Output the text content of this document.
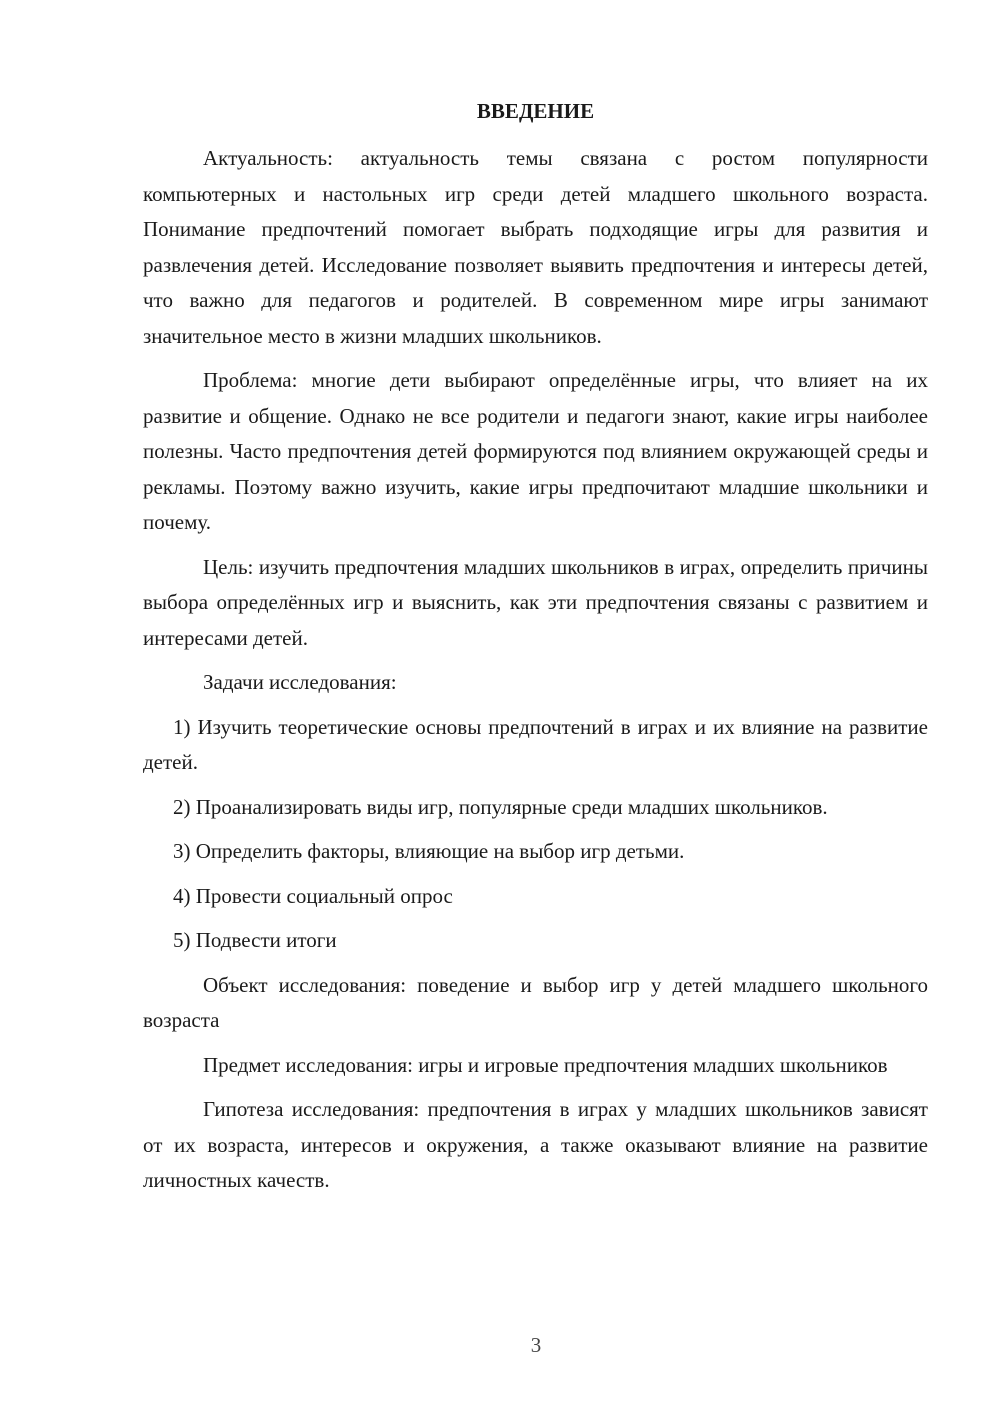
ВВЕДЕНИЕ

Актуальность: актуальность темы связана с ростом популярности компьютерных и настольных игр среди детей младшего школьного возраста. Понимание предпочтений помогает выбрать подходящие игры для развития и развлечения детей. Исследование позволяет выявить предпочтения и интересы детей, что важно для педагогов и родителей. В современном мире игры занимают значительное место в жизни младших школьников.

Проблема: многие дети выбирают определённые игры, что влияет на их развитие и общение. Однако не все родители и педагоги знают, какие игры наиболее полезны. Часто предпочтения детей формируются под влиянием окружающей среды и рекламы. Поэтому важно изучить, какие игры предпочитают младшие школьники и почему.

Цель: изучить предпочтения младших школьников в играх, определить причины выбора определённых игр и выяснить, как эти предпочтения связаны с развитием и интересами детей.

Задачи исследования:

1) Изучить теоретические основы предпочтений в играх и их влияние на развитие детей.

2) Проанализировать виды игр, популярные среди младших школьников.

3) Определить факторы, влияющие на выбор игр детьми.

4) Провести социальный опрос

5) Подвести итоги

Объект исследования: поведение и выбор игр у детей младшего школьного возраста

Предмет исследования: игры и игровые предпочтения младших школьников

Гипотеза исследования: предпочтения в играх у младших школьников зависят от их возраста, интересов и окружения, а также оказывают влияние на развитие личностных качеств.

3
